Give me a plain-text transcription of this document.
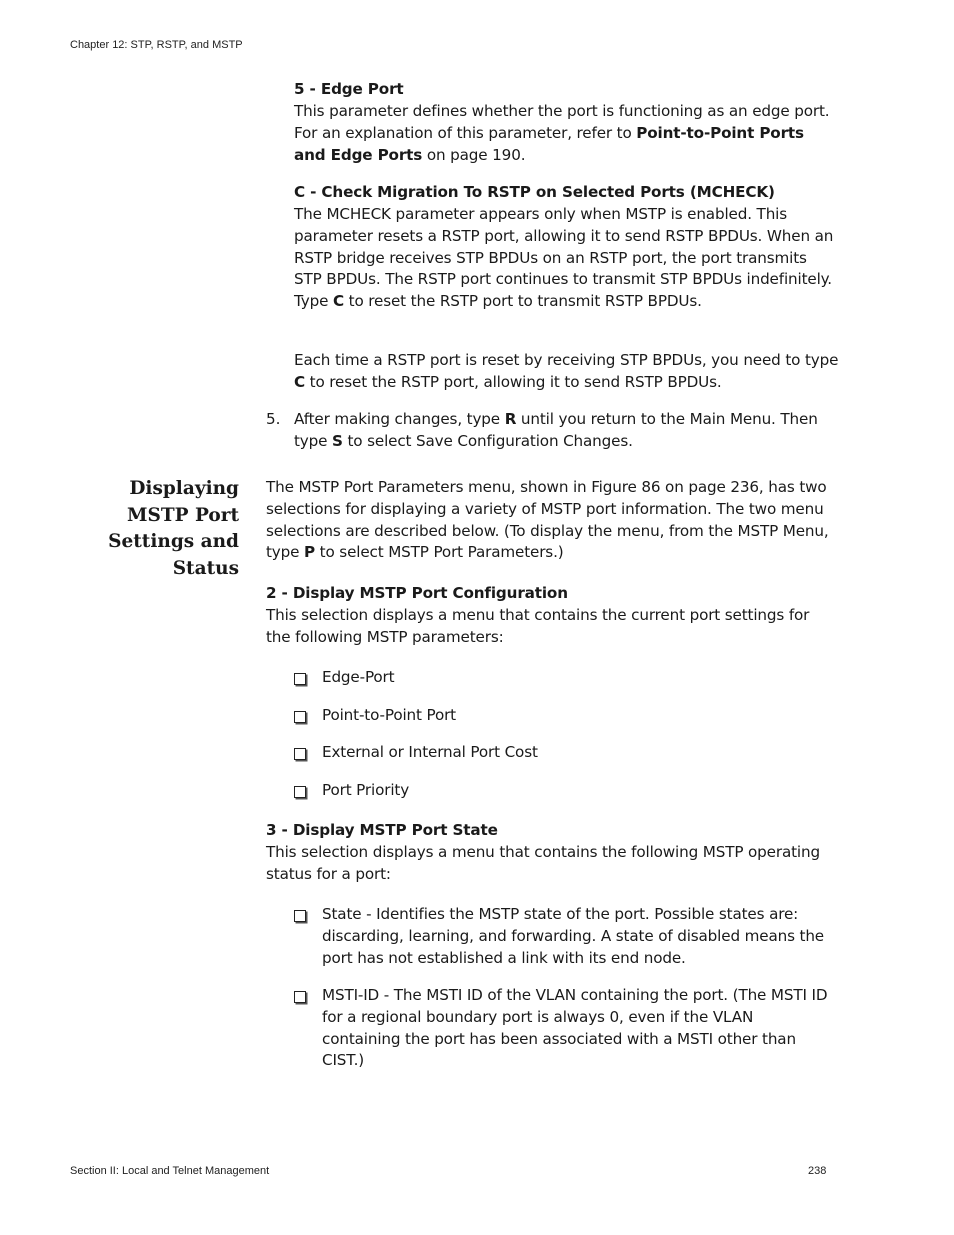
Chapter 12: STP, RSTP, and MSTP
5 - Edge Port

This parameter defines whether the port is functioning as an edge port. For an explanation of this parameter, refer to Point-to-Point Ports and Edge Ports on page 190.

C - Check Migration To RSTP on Selected Ports (MCHECK)

The MCHECK parameter appears only when MSTP is enabled. This parameter resets a RSTP port, allowing it to send RSTP BPDUs. When an RSTP bridge receives STP BPDUs on an RSTP port, the port transmits STP BPDUs. The RSTP port continues to transmit STP BPDUs indefinitely. Type C to reset the RSTP port to transmit RSTP BPDUs.

Each time a RSTP port is reset by receiving STP BPDUs, you need to type C to reset the RSTP port, allowing it to send RSTP BPDUs.

5. After making changes, type R until you return to the Main Menu. Then type S to select Save Configuration Changes.

Displaying MSTP Port Settings and Status

The MSTP Port Parameters menu, shown in Figure 86 on page 236, has two selections for displaying a variety of MSTP port information. The two menu selections are described below. (To display the menu, from the MSTP Menu, type P to select MSTP Port Parameters.)

2 - Display MSTP Port Configuration

This selection displays a menu that contains the current port settings for the following MSTP parameters:

Edge-Port
Point-to-Point Port
External or Internal Port Cost
Port Priority
3 - Display MSTP Port State

This selection displays a menu that contains the following MSTP operating status for a port:

State - Identifies the MSTP state of the port. Possible states are: discarding, learning, and forwarding. A state of disabled means the port has not established a link with its end node.

MSTI-ID - The MSTI ID of the VLAN containing the port. (The MSTI ID for a regional boundary port is always 0, even if the VLAN containing the port has been associated with a MSTI other than CIST.)

Section II: Local and Telnet Management	238
